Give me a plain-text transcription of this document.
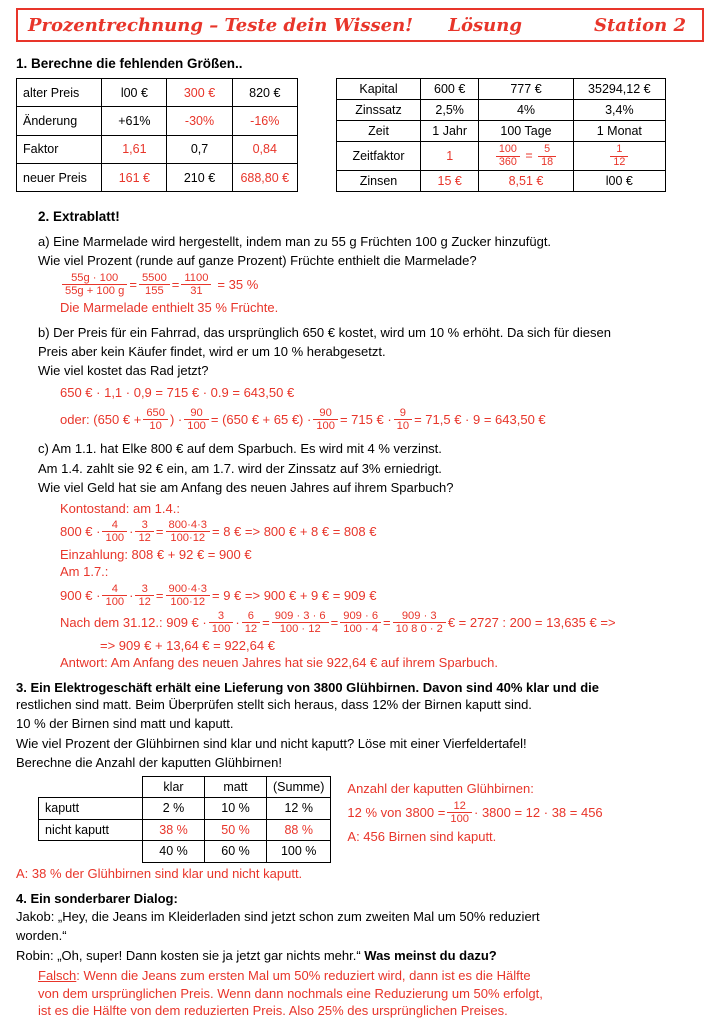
Prozentrechnung – Teste dein Wissen!	Lösung	Station 2
1. Berechne die fehlenden Größen..
alter Preis	l00 €	300 €	820 €
Änderung	+61%	-30%	-16%
Faktor	1,61	0,7	0,84
neuer Preis	161 €	210 €	688,80 €
Kapital	600 €	777 €	35294,12 €
Zinssatz	2,5%	4%	3,4%
Zeit	1 Jahr	100 Tage	1 Monat
Zeitfaktor	1	$\frac{100}{360} = \frac{5}{18}$	$\frac{1}{12}$

Zinsen	15 €	8,51 €	l00 €
2. Extrablatt!
a) Eine Marmelade wird hergestellt, indem man zu 55 g Früchten 100 g Zucker hinzufügt.
Wie viel Prozent (runde auf ganze Prozent) Früchte enthielt die Marmelade?
$\frac{55g \cdot 100}{55g + 100 g} = \frac{5500}{155} = \frac{1100}{31} = 35$ %
Die Marmelade enthielt 35 % Früchte.
b) Der Preis für ein Fahrrad, das ursprünglich 650 € kostet, wird um 10 % erhöht. Da sich für diesen
Preis aber kein Käufer findet, wird er um 10 % herabgesetzt.
Wie viel kostet das Rad jetzt?
650 € · 1,1 · 0,9 = 715 € · 0.9 = 643,50 €
oder: (650 € + $\frac{650}{10}$ ) · $\frac{90}{100} = (650$ € + 65 €) · $\frac{90}{100} = 715$ € · $\frac{9}{10} = 71,5$ € · 9 = 643,50 €
c) Am 1.1. hat Elke 800 € auf dem Sparbuch. Es wird mit 4 % verzinst.
Am 1.4. zahlt sie 92 € ein, am 1.7. wird der Zinssatz auf 3% erniedrigt.
Wie viel Geld hat sie am Anfang des neuen Jahres auf ihrem Sparbuch?
Kontostand: am 1.4.:
800 € · $\frac{4}{100} \cdot \frac{3}{12} = \frac{800\cdot 4\cdot 3}{100\cdot 12} = 8$ € => 800 € + 8 € = 808 €
Einzahlung: 808 € + 92 € = 900 €
Am 1.7.:
900 € · $\frac{4}{100} \cdot \frac{3}{12} = \frac{900\cdot 4\cdot 3}{100\cdot 12} = 9$ € => 900 € + 9 € = 909 €
Nach dem 31.12.: 909 € · $\frac{3}{100} \cdot \frac{6}{12} = \frac{909 \cdot 3 \cdot 6}{100 \cdot 12} = \frac{909 \cdot 6}{100 \cdot 4} = \frac{909 \cdot 3}{10 8 0 \cdot 2}$ € = 2727 : 200 = 13,635 € =>
=> 909 € + 13,64 € = 922,64 €
Antwort: Am Anfang des neuen Jahres hat sie 922,64 € auf ihrem Sparbuch.
3. Ein Elektrogeschäft erhält eine Lieferung von 3800 Glühbirnen. Davon sind 40% klar und die
restlichen sind matt. Beim Überprüfen stellt sich heraus, dass 12% der Birnen kaputt sind.
10 % der Birnen sind matt und kaputt.
Wie viel Prozent der Glühbirnen sind klar und nicht kaputt? Löse mit einer Vierfeldertafel!
Berechne die Anzahl der kaputten Glühbirnen!
	klar	matt	(Summe)
kaputt	2 %	10 %	12 %
nicht kaputt	38 %	50 %	88 %
	40 %	60 %	100 %
Anzahl der kaputten Glühbirnen:
12 % von $3800 = \frac{12}{100} \cdot 3800 = 12 \cdot 38 = 456$
A: 456 Birnen sind kaputt.
A: 38 % der Glühbirnen sind klar und nicht kaputt.
4. Ein sonderbarer Dialog:
Jakob: „Hey, die Jeans im Kleiderladen sind jetzt schon zum zweiten Mal um 50% reduziert
worden.“
Robin: „Oh, super! Dann kosten sie ja jetzt gar nichts mehr.“ Was meinst du dazu?
Falsch: Wenn die Jeans zum ersten Mal um 50% reduziert wird, dann ist es die Hälfte
von dem ursprünglichen Preis. Wenn dann nochmals eine Reduzierung um 50% erfolgt,
ist es die Hälfte von dem reduzierten Preis. Also 25% des ursprünglichen Preises.
